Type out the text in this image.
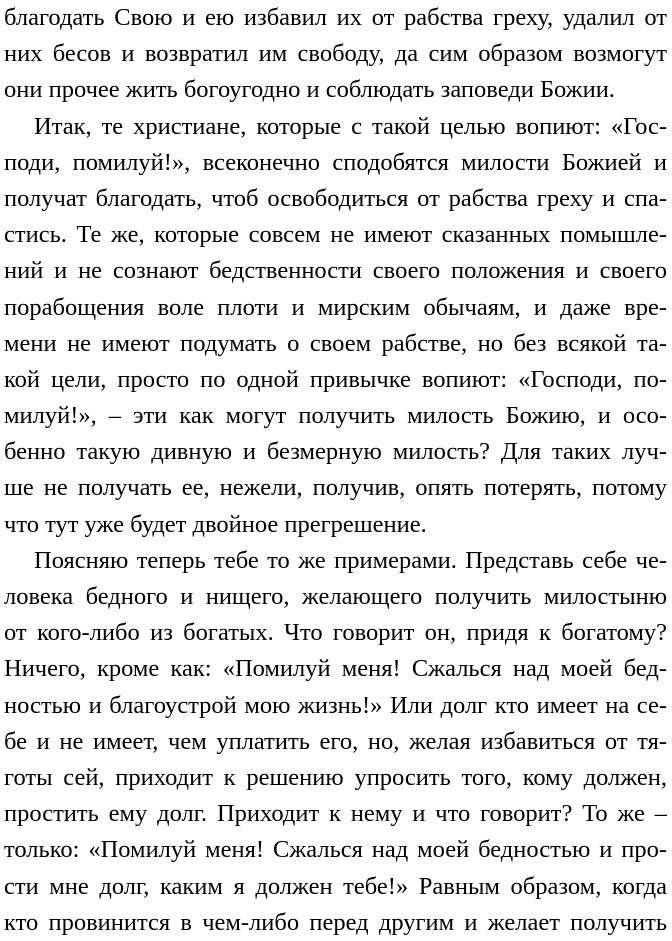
благодать Свою и ею избавил их от рабства греху, удалил от
них бесов и возвратил им свободу, да сим образом возмогут
они прочее жить богоугодно и соблюдать заповеди Божии.
Итак, те христиане, которые с такой целью вопиют: «Гос-
поди, помилуй!», всеконечно сподобятся милости Божией и
получат благодать, чтоб освободиться от рабства греху и спа-
стись. Те же, которые совсем не имеют сказанных помышле-
ний и не сознают бедственности своего положения и своего
порабощения воле плоти и мирским обычаям, и даже вре-
мени не имеют подумать о своем рабстве, но без всякой та-
кой цели, просто по одной привычке вопиют: «Господи, по-
милуй!», – эти как могут получить милость Божию, и осо-
бенно такую дивную и безмерную милость? Для таких луч-
ше не получать ее, нежели, получив, опять потерять, потому
что тут уже будет двойное прегрешение.
Поясняю теперь тебе то же примерами. Представь себе че-
ловека бедного и нищего, желающего получить милостыню
от кого-либо из богатых. Что говорит он, придя к богатому?
Ничего, кроме как: «Помилуй меня! Сжалься над моей бед-
ностью и благоустрой мою жизнь!» Или долг кто имеет на се-
бе и не имеет, чем уплатить его, но, желая избавиться от тя-
готы сей, приходит к решению упросить того, кому должен,
простить ему долг. Приходит к нему и что говорит? То же –
только: «Помилуй меня! Сжалься над моей бедностью и про-
сти мне долг, каким я должен тебе!» Равным образом, когда
кто провинится в чем-либо перед другим и желает получить
